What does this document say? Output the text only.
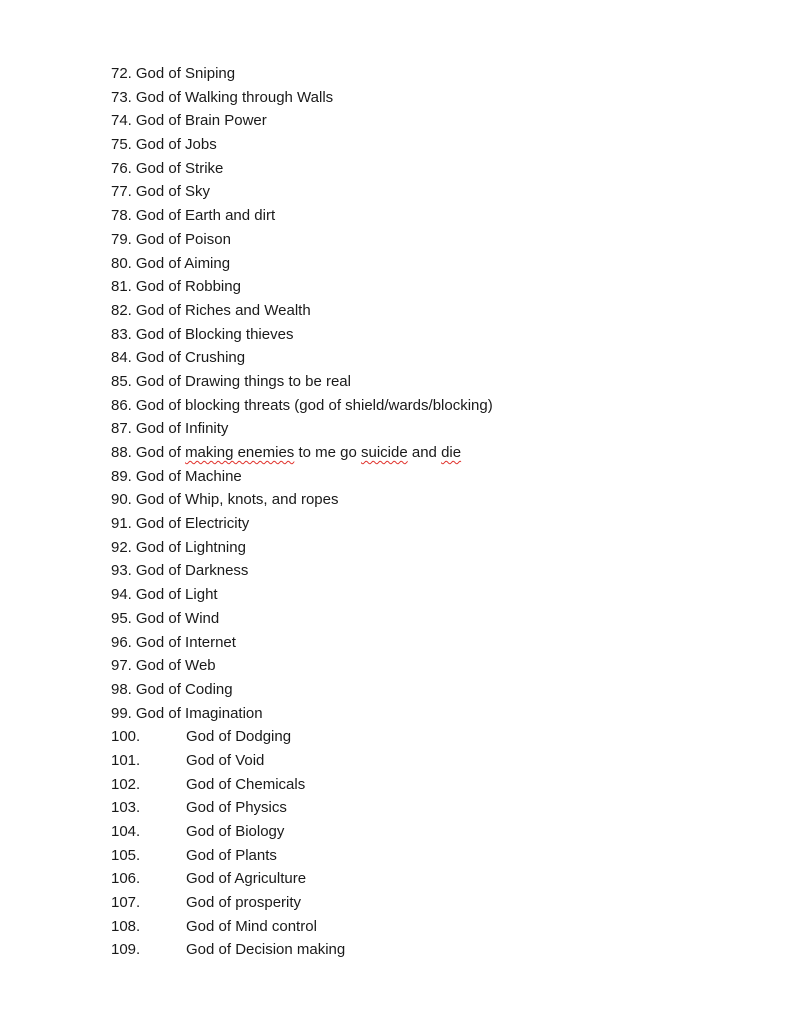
72. God of Sniping
73. God of Walking through Walls
74. God of Brain Power
75. God of Jobs
76. God of Strike
77. God of Sky
78. God of Earth and dirt
79. God of Poison
80. God of Aiming
81. God of Robbing
82. God of Riches and Wealth
83. God of Blocking thieves
84. God of Crushing
85. God of Drawing things to be real
86. God of blocking threats (god of shield/wards/blocking)
87. God of Infinity
88. God of making enemies to me go suicide and die
89. God of Machine
90. God of Whip, knots, and ropes
91. God of Electricity
92. God of Lightning
93. God of Darkness
94. God of Light
95. God of Wind
96. God of Internet
97. God of Web
98. God of Coding
99. God of Imagination
100.	God of Dodging
101.	God of Void
102.	God of Chemicals
103.	God of Physics
104.	God of Biology
105.	God of Plants
106.	God of Agriculture
107.	God of prosperity
108.	God of Mind control
109.	God of Decision making
